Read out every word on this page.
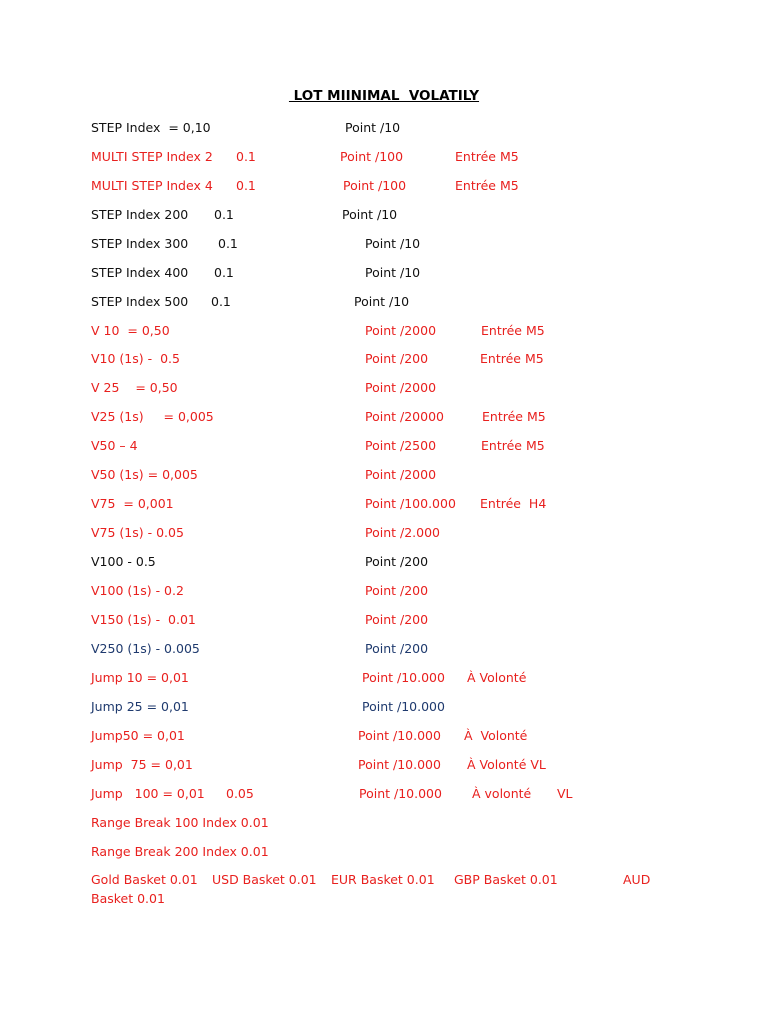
LOT MIINIMAL  VOLATILY
STEP Index  = 0,10	Point /10
MULTI STEP Index 2 0.1	Point /100	Entrée M5
MULTI STEP Index 4 0.1	Point /100	Entrée M5
STEP Index 200 0.1	Point /10
STEP Index 300 0.1	Point /10
STEP Index 400 0.1	Point /10
STEP Index 500 0.1	Point /10
V 10  = 0,50	Point /2000	Entrée M5
V10 (1s) -  0.5	Point /200	Entrée M5
V 25    = 0,50	Point /2000
V25 (1s)     = 0,005	Point /20000	Entrée M5
V50 – 4	Point /2500	Entrée M5
V50 (1s) = 0,005	Point /2000
V75  = 0,001	Point /100.000 Entrée  H4
V75 (1s) - 0.05	Point /2.000
V100 - 0.5	Point /200
V100 (1s) - 0.2	Point /200
V150 (1s) -  0.01	Point /200
V250 (1s) - 0.005	Point /200
Jump 10 = 0,01	Point /10.000 À Volonté
Jump 25 = 0,01	Point /10.000
Jump50 = 0,01	Point /10.000 À  Volonté
Jump  75 = 0,01	Point /10.000 À Volonté VL
Jump   100 = 0,01 0.05	Point /10.000 À volonté VL
Range Break 100 Index 0.01
Range Break 200 Index 0.01
Gold Basket 0.01 USD Basket 0.01 EUR Basket 0.01 GBP Basket 0.01	AUD
Basket 0.01
